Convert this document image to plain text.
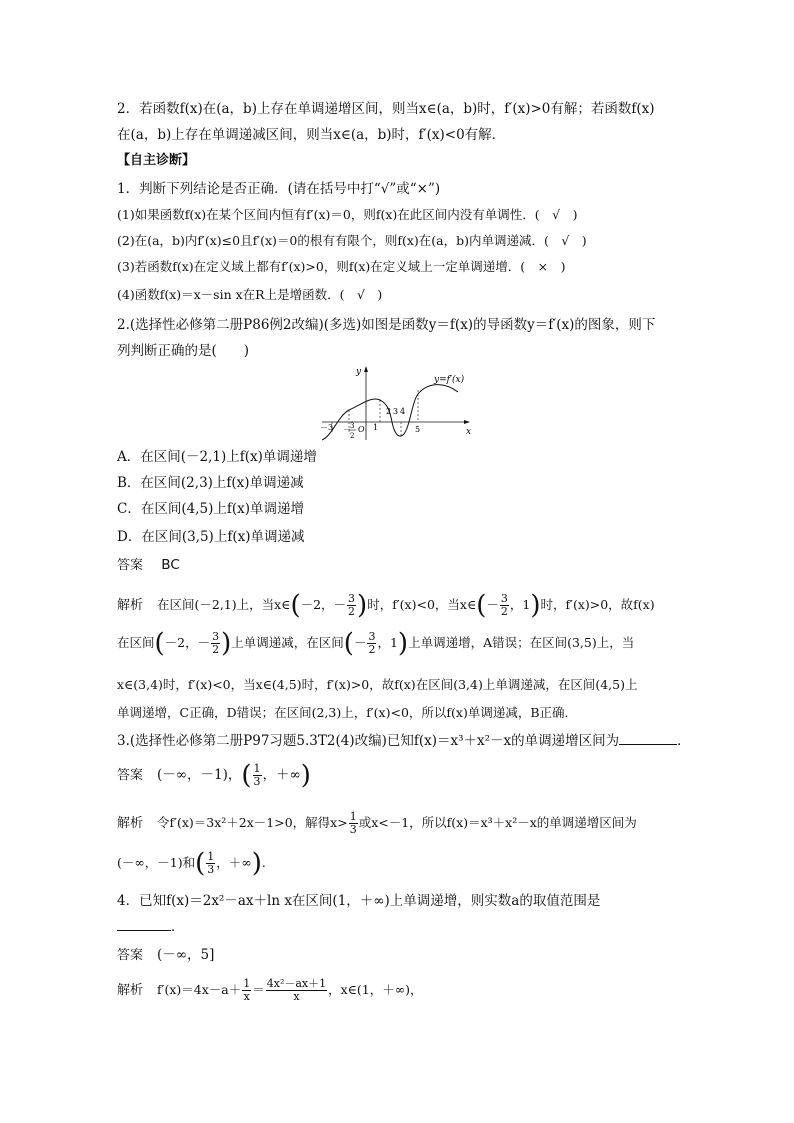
2．若函数f(x)在(a，b)上存在单调递增区间，则当x∈(a，b)时，f′(x)>0有解；若函数f(x)
在(a，b)上存在单调递减区间，则当x∈(a，b)时，f′(x)<0有解．
【自主诊断】
1．判断下列结论是否正确．(请在括号中打“√”或“×”)
(1)如果函数f(x)在某个区间内恒有f′(x)＝0，则f(x)在此区间内没有单调性．(　√　)
(2)在(a，b)内f′(x)≤0且f′(x)＝0的根有有限个，则f(x)在(a，b)内单调递减．(　√　)
(3)若函数f(x)在定义域上都有f′(x)>0，则f(x)在定义域上一定单调递增．(　×　)
(4)函数f(x)＝x－sin x在R上是增函数．(　√　)
2.(选择性必修第二册P86例2改编)(多选)如图是函数y＝f(x)的导函数y＝f′(x)的图象，则下
列判断正确的是(　　)
y
x
y=f′(x)
O
－3 － 3
2
1
2 3 4
5
A．在区间(－2,1)上f(x)单调递增
B．在区间(2,3)上f(x)单调递减
C．在区间(4,5)上f(x)单调递增
D．在区间(3,5)上f(x)单调递减
答案 BC
解析 在区间(－2,1)上，当x∈(－2，－ $\frac{3}{2}$ )时，f′(x)<0，当x∈(－ $\frac{3}{2}$ ，1)时，f′(x)>0，故f(x)
在区间(－2，－ $\frac{3}{2}$ )上单调递减，在区间(－ $\frac{3}{2}$ ，1)上单调递增，A错误；在区间(3,5)上，当
x∈(3,4)时，f′(x)<0，当x∈(4,5)时，f′(x)>0，故f(x)在区间(3,4)上单调递减，在区间(4,5)上
单调递增，C正确，D错误；在区间(2,3)上，f′(x)<0，所以f(x)单调递减，B正确．
3.(选择性必修第二册P97习题5.3T2(4)改编)已知f(x)＝x³＋x²－x的单调递增区间为	．
答案 (－∞，－1)，( $\frac{1}{3}$ ，＋∞)
解析 令f′(x)＝3x²＋2x－1>0，解得$x> \frac{1}{3}$ 或x<－1，所以f(x)＝x³＋x²－x的单调递增区间为
(－∞，－1)和( $\frac{1}{3}$ ，＋∞).
4．已知f(x)＝2x²－ax＋ln x在区间(1，＋∞)上单调递增，则实数a的取值范围是
．
答案 (－∞，5]
解析 $f'(x)=4x-a+ \frac{1}{x} = \frac{\text{4x²－ax＋1}}{x}$ ，x∈(1，＋∞)，
